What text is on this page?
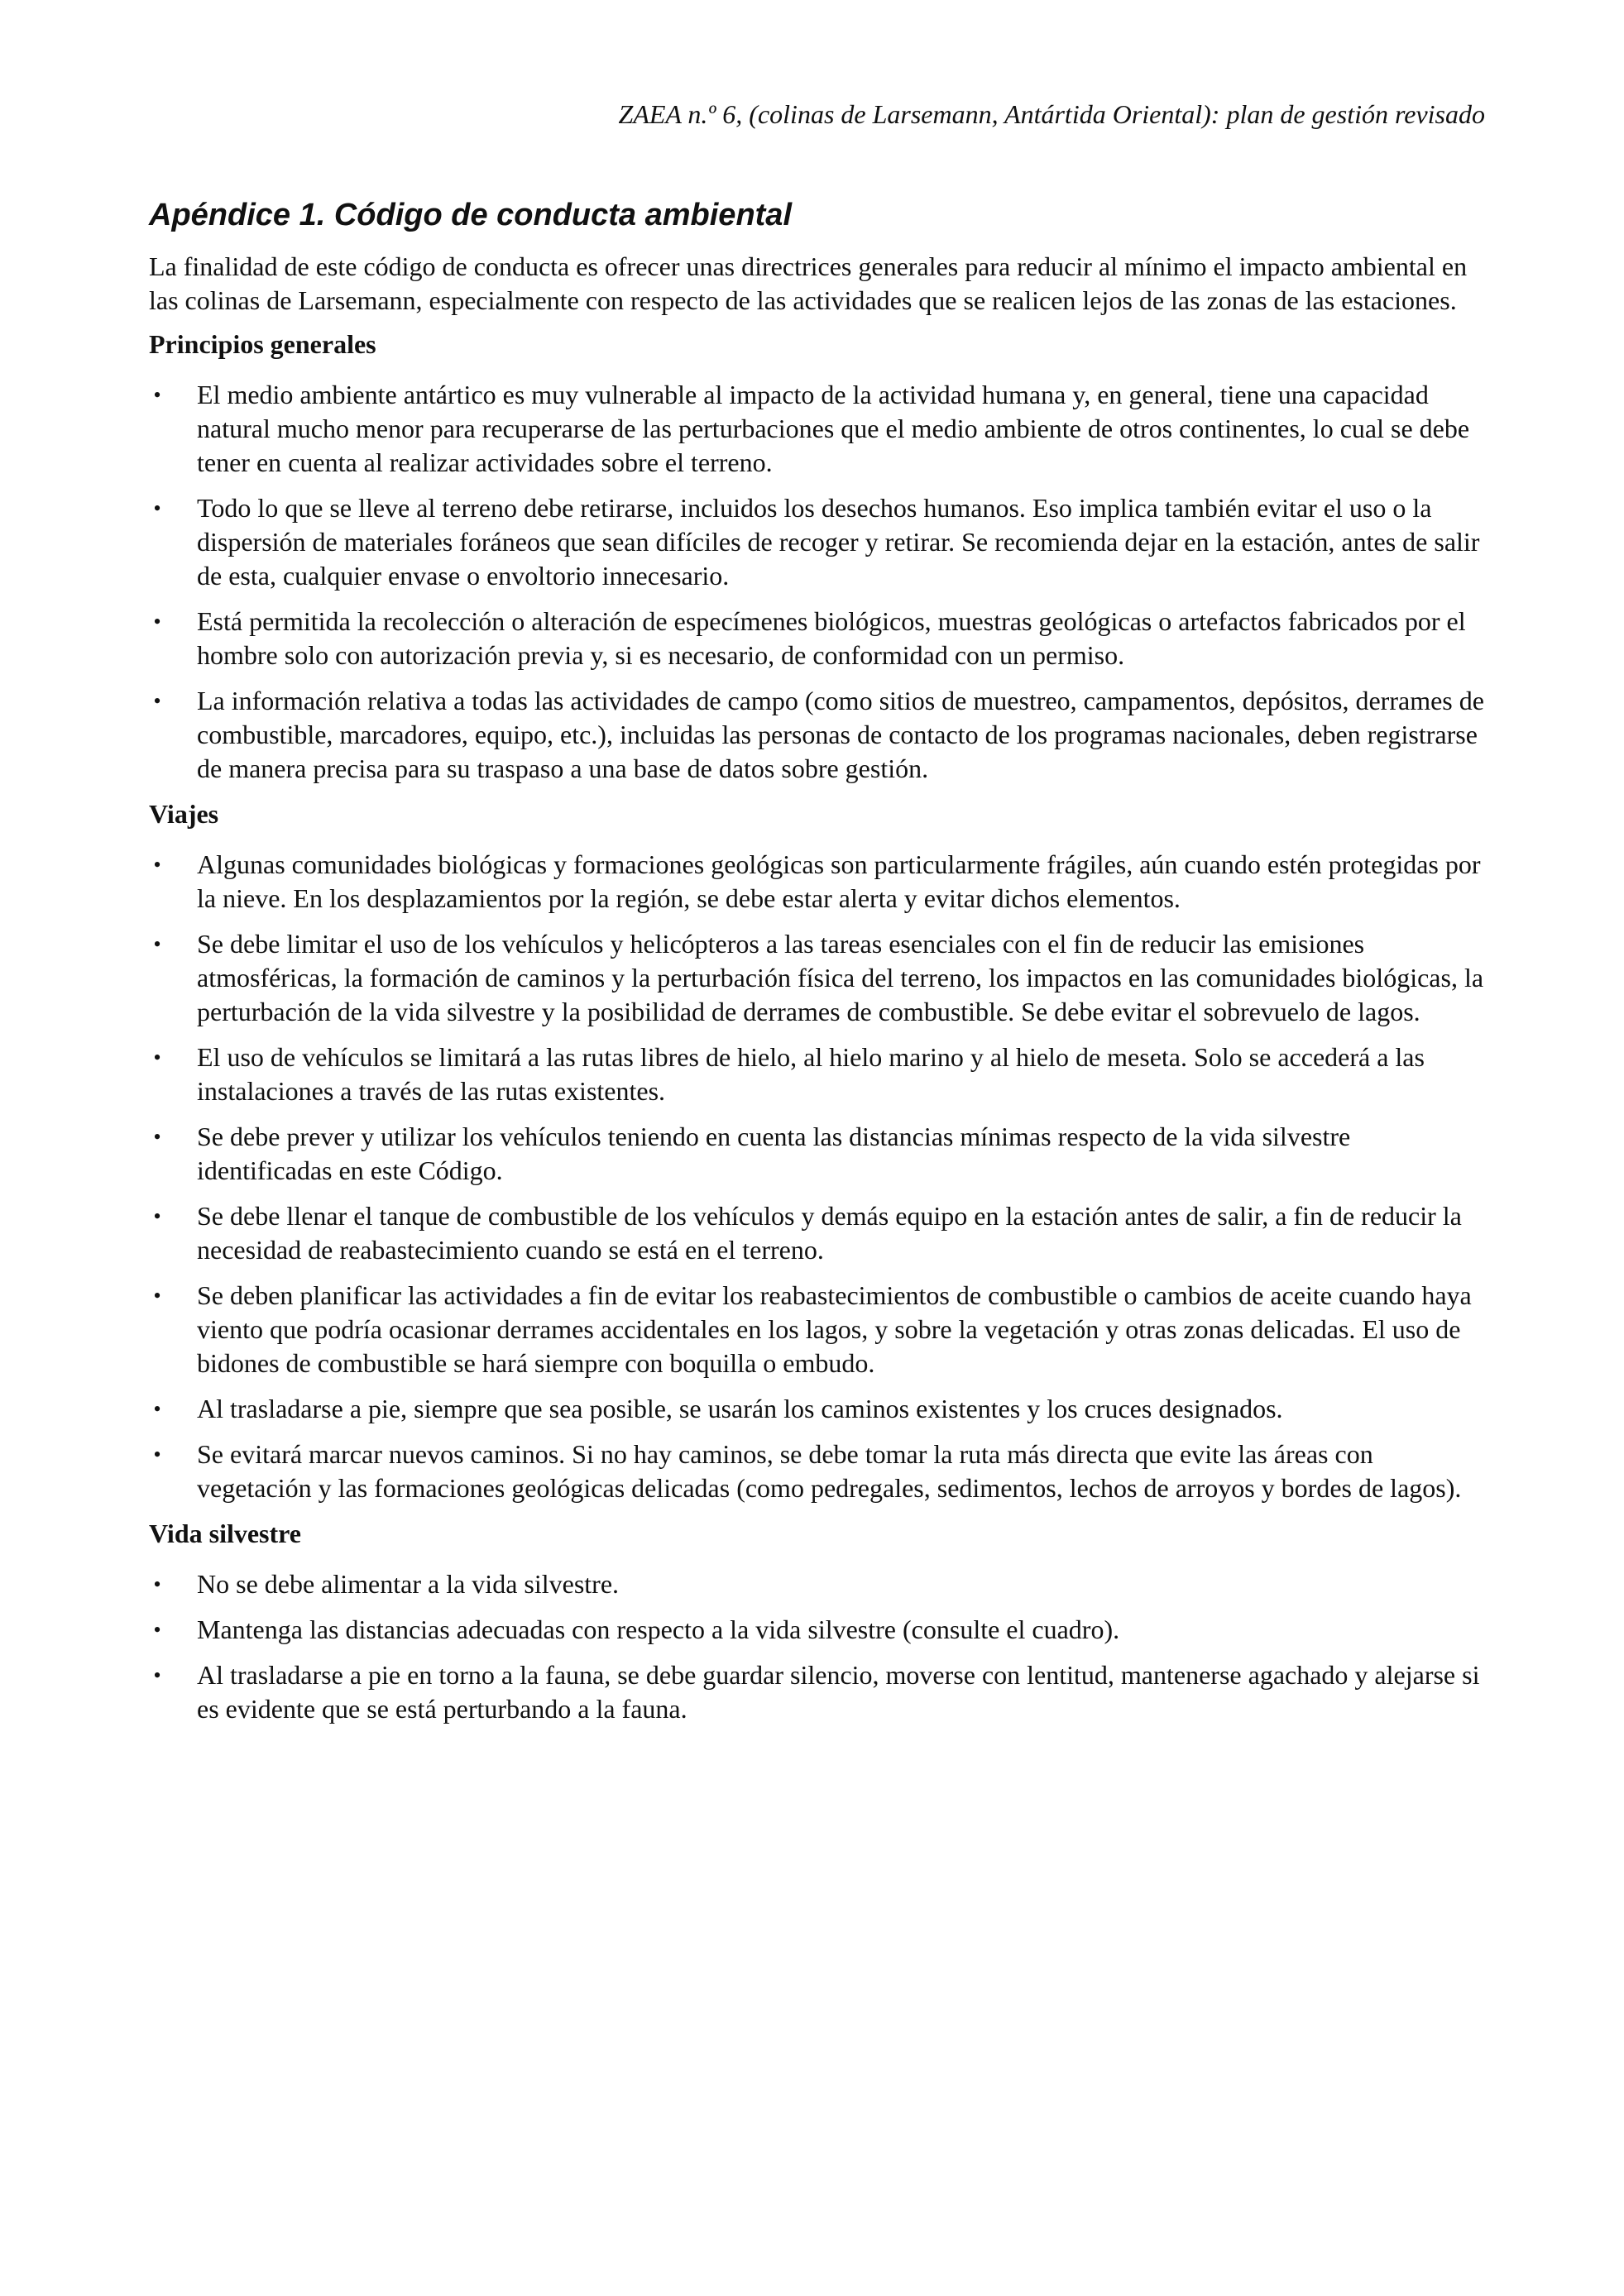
ZAEA n.º 6, (colinas de Larsemann, Antártida Oriental): plan de gestión revisado
Apéndice 1. Código de conducta ambiental

La finalidad de este código de conducta es ofrecer unas directrices generales para reducir al mínimo el impacto ambiental en las colinas de Larsemann, especialmente con respecto de las actividades que se realicen lejos de las zonas de las estaciones.

Principios generales
• El medio ambiente antártico es muy vulnerable al impacto de la actividad humana y, en general, tiene una capacidad natural mucho menor para recuperarse de las perturbaciones que el medio ambiente de otros continentes, lo cual se debe tener en cuenta al realizar actividades sobre el terreno.
• Todo lo que se lleve al terreno debe retirarse, incluidos los desechos humanos. Eso implica también evitar el uso o la dispersión de materiales foráneos que sean difíciles de recoger y retirar. Se recomienda dejar en la estación, antes de salir de esta, cualquier envase o envoltorio innecesario.
• Está permitida la recolección o alteración de especímenes biológicos, muestras geológicas o artefactos fabricados por el hombre solo con autorización previa y, si es necesario, de conformidad con un permiso.
• La información relativa a todas las actividades de campo (como sitios de muestreo, campamentos, depósitos, derrames de combustible, marcadores, equipo, etc.), incluidas las personas de contacto de los programas nacionales, deben registrarse de manera precisa para su traspaso a una base de datos sobre gestión.
Viajes
• Algunas comunidades biológicas y formaciones geológicas son particularmente frágiles, aún cuando estén protegidas por la nieve. En los desplazamientos por la región, se debe estar alerta y evitar dichos elementos.
• Se debe limitar el uso de los vehículos y helicópteros a las tareas esenciales con el fin de reducir las emisiones atmosféricas, la formación de caminos y la perturbación física del terreno, los impactos en las comunidades biológicas, la perturbación de la vida silvestre y la posibilidad de derrames de combustible. Se debe evitar el sobrevuelo de lagos.
• El uso de vehículos se limitará a las rutas libres de hielo, al hielo marino y al hielo de meseta. Solo se accederá a las instalaciones a través de las rutas existentes.
• Se debe prever y utilizar los vehículos teniendo en cuenta las distancias mínimas respecto de la vida silvestre identificadas en este Código.
• Se debe llenar el tanque de combustible de los vehículos y demás equipo en la estación antes de salir, a fin de reducir la necesidad de reabastecimiento cuando se está en el terreno.
• Se deben planificar las actividades a fin de evitar los reabastecimientos de combustible o cambios de aceite cuando haya viento que podría ocasionar derrames accidentales en los lagos, y sobre la vegetación y otras zonas delicadas. El uso de bidones de combustible se hará siempre con boquilla o embudo.
• Al trasladarse a pie, siempre que sea posible, se usarán los caminos existentes y los cruces designados.
• Se evitará marcar nuevos caminos. Si no hay caminos, se debe tomar la ruta más directa que evite las áreas con vegetación y las formaciones geológicas delicadas (como pedregales, sedimentos, lechos de arroyos y bordes de lagos).
Vida silvestre
• No se debe alimentar a la vida silvestre.
• Mantenga las distancias adecuadas con respecto a la vida silvestre (consulte el cuadro).
• Al trasladarse a pie en torno a la fauna, se debe guardar silencio, moverse con lentitud, mantenerse agachado y alejarse si es evidente que se está perturbando a la fauna.
